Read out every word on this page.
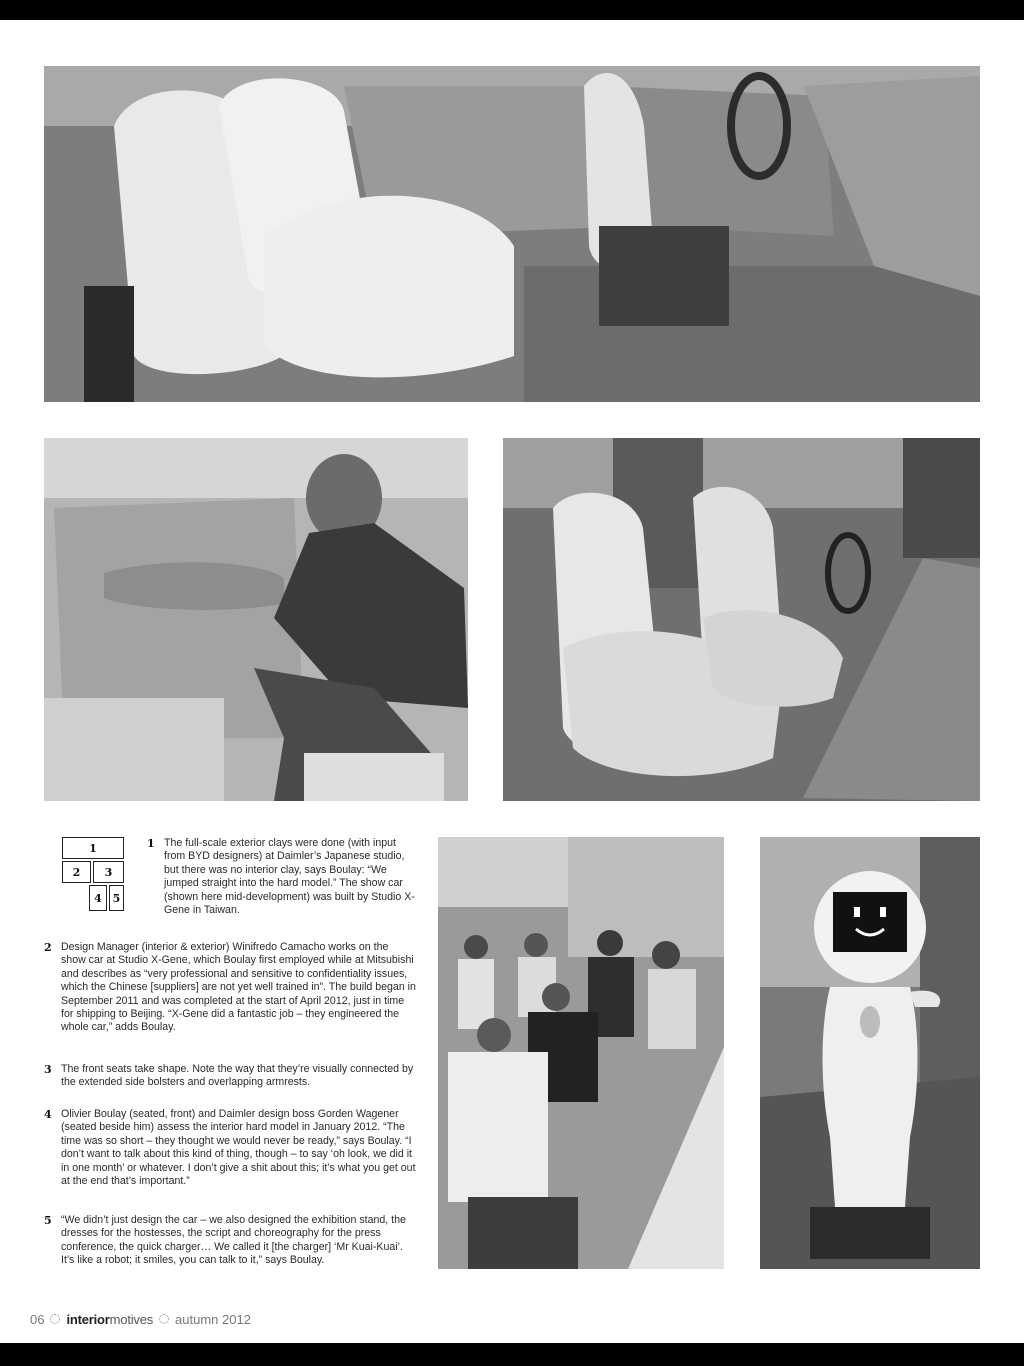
1
2	3
4 5
1 The full-scale exterior clays were done (with input from BYD designers) at Daimler’s Japanese studio, but there was no interior clay, says Boulay: “We jumped straight into the hard model.” The show car (shown here mid-development) was built by Studio X-Gene in Taiwan.
2 Design Manager (interior & exterior) Winifredo Camacho works on the show car at Studio X-Gene, which Boulay first employed while at Mitsubishi and describes as “very professional and sensitive to confidentiality issues, which the Chinese [suppliers] are not yet well trained in”. The build began in September 2011 and was completed at the start of April 2012, just in time for shipping to Beijing. “X-Gene did a fantastic job – they engineered the whole car,” adds Boulay.
3 The front seats take shape. Note the way that they’re visually connected by the extended side bolsters and overlapping armrests.
4 Olivier Boulay (seated, front) and Daimler design boss Gorden Wagener (seated beside him) assess the interior hard model in January 2012. “The time was so short – they thought we would never be ready,” says Boulay. “I don’t want to talk about this kind of thing, though – to say ‘oh look, we did it in one month’ or whatever. I don’t give a shit about this; it’s what you get out at the end that’s important.”
5 “We didn’t just design the car – we also designed the exhibition stand, the dresses for the hostesses, the script and choreography for the press conference, the quick charger… We called it [the charger] ‘Mr Kuai-Kuai’. It’s like a robot; it smiles, you can talk to it,” says Boulay.
06 interior motives autumn 2012
